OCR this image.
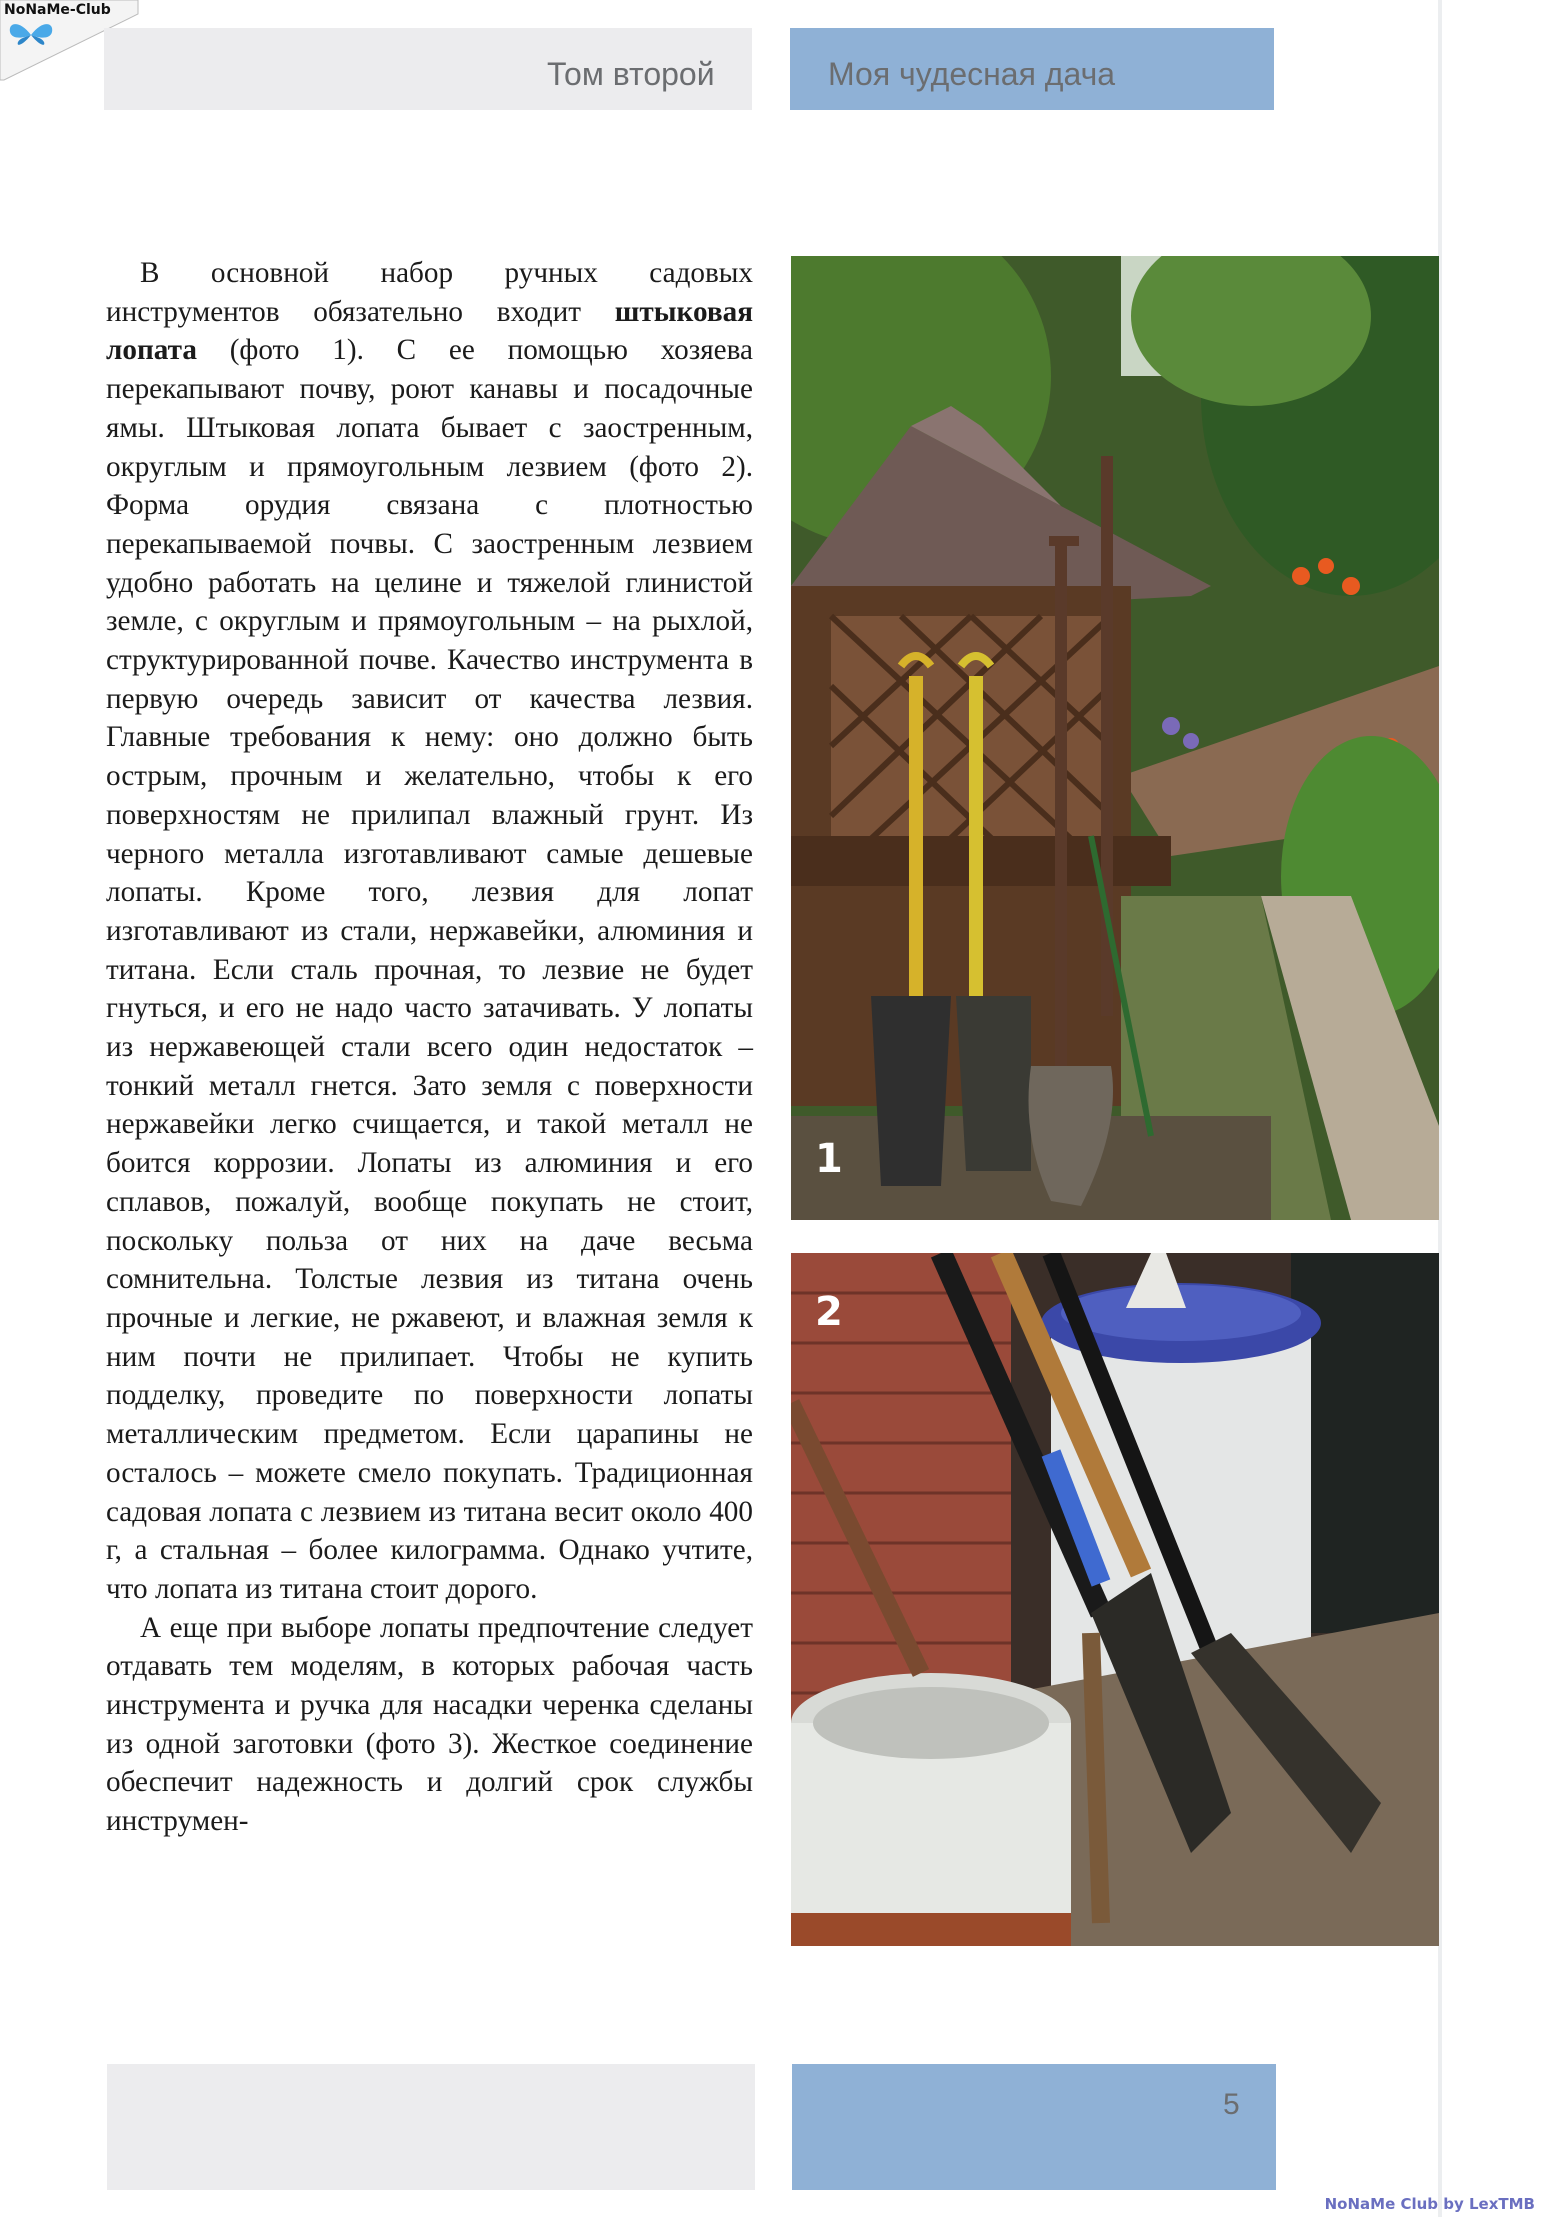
NoNaMe-Club
Том второй	Моя чудесная дача

В основной набор ручных садовых инструментов обязательно входит штыковая лопата (фото 1). С ее помощью хозяева перекапывают почву, роют канавы и посадочные ямы. Штыковая лопата бывает с заостренным, округлым и прямоугольным лезвием (фото 2). Форма орудия связана с плотностью перекапываемой почвы. С заостренным лезвием удобно работать на целине и тяжелой глинистой земле, с округлым и прямоугольным – на рыхлой, структурированной почве. Качество инструмента в первую очередь зависит от качества лезвия. Главные требования к нему: оно должно быть острым, прочным и желательно, чтобы к его поверхностям не прилипал влажный грунт. Из черного металла изготавливают самые дешевые лопаты. Кроме того, лезвия для лопат изготавливают из стали, нержавейки, алюминия и титана. Если сталь прочная, то лезвие не будет гнуться, и его не надо часто затачивать. У лопаты из нержавеющей стали всего один недостаток – тонкий металл гнется. Зато земля с поверхности нержавейки легко счищается, и такой металл не боится коррозии. Лопаты из алюминия и его сплавов, пожалуй, вообще покупать не стоит, поскольку польза от них на даче весьма сомнительна. Толстые лезвия из титана очень прочные и легкие, не ржавеют, и влажная земля к ним почти не прилипает. Чтобы не купить подделку, проведите по поверхности лопаты металлическим предметом. Если царапины не осталось – можете смело покупать. Традиционная садовая лопата с лезвием из титана весит около 400 г, а стальная – более килограмма. Однако учтите, что лопата из титана стоит дорого.

А еще при выборе лопаты предпочтение следует отдавать тем моделям, в которых рабочая часть инструмента и ручка для насадки черенка сделаны из одной заготовки (фото 3). Жесткое соединение обеспечит надежность и долгий срок службы инструмен-

1
2
5
NoNaMe Club by LexTMB
